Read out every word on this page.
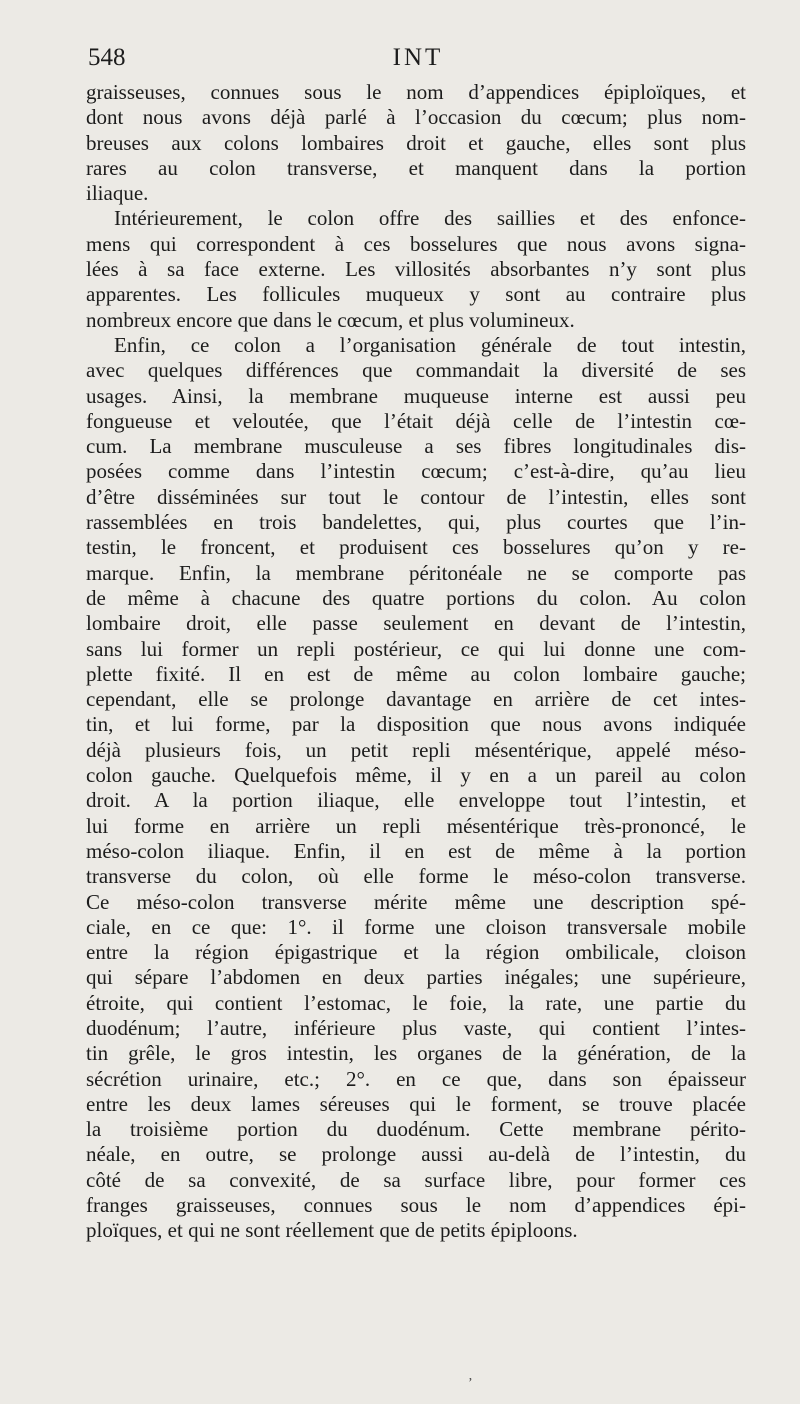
548	INT
graisseuses, connues sous le nom d’appendices épiploïques, et
dont nous avons déjà parlé à l’occasion du cœcum; plus nom-
breuses aux colons lombaires droit et gauche, elles sont plus
rares au colon transverse, et manquent dans la portion
iliaque.
Intérieurement, le colon offre des saillies et des enfonce-
mens qui correspondent à ces bosselures que nous avons signa-
lées à sa face externe. Les villosités absorbantes n’y sont plus
apparentes. Les follicules muqueux y sont au contraire plus
nombreux encore que dans le cœcum, et plus volumineux.
Enfin, ce colon a l’organisation générale de tout intestin,
avec quelques différences que commandait la diversité de ses
usages. Ainsi, la membrane muqueuse interne est aussi peu
fongueuse et veloutée, que l’était déjà celle de l’intestin cœ-
cum. La membrane musculeuse a ses fibres longitudinales dis-
posées comme dans l’intestin cœcum; c’est-à-dire, qu’au lieu
d’être disséminées sur tout le contour de l’intestin, elles sont
rassemblées en trois bandelettes, qui, plus courtes que l’in-
testin, le froncent, et produisent ces bosselures qu’on y re-
marque. Enfin, la membrane péritonéale ne se comporte pas
de même à chacune des quatre portions du colon. Au colon
lombaire droit, elle passe seulement en devant de l’intestin,
sans lui former un repli postérieur, ce qui lui donne une com-
plette fixité. Il en est de même au colon lombaire gauche;
cependant, elle se prolonge davantage en arrière de cet intes-
tin, et lui forme, par la disposition que nous avons indiquée
déjà plusieurs fois, un petit repli mésentérique, appelé méso-
colon gauche. Quelquefois même, il y en a un pareil au colon
droit. A la portion iliaque, elle enveloppe tout l’intestin, et
lui forme en arrière un repli mésentérique très-prononcé, le
méso-colon iliaque. Enfin, il en est de même à la portion
transverse du colon, où elle forme le méso-colon transverse.
Ce méso-colon transverse mérite même une description spé-
ciale, en ce que: 1°. il forme une cloison transversale mobile
entre la région épigastrique et la région ombilicale, cloison
qui sépare l’abdomen en deux parties inégales; une supérieure,
étroite, qui contient l’estomac, le foie, la rate, une partie du
duodénum; l’autre, inférieure plus vaste, qui contient l’intes-
tin grêle, le gros intestin, les organes de la génération, de la
sécrétion urinaire, etc.; 2°. en ce que, dans son épaisseur
entre les deux lames séreuses qui le forment, se trouve placée
la troisième portion du duodénum. Cette membrane périto-
néale, en outre, se prolonge aussi au-delà de l’intestin, du
côté de sa convexité, de sa surface libre, pour former ces
franges graisseuses, connues sous le nom d’appendices épi-
ploïques, et qui ne sont réellement que de petits épiploons.
’
